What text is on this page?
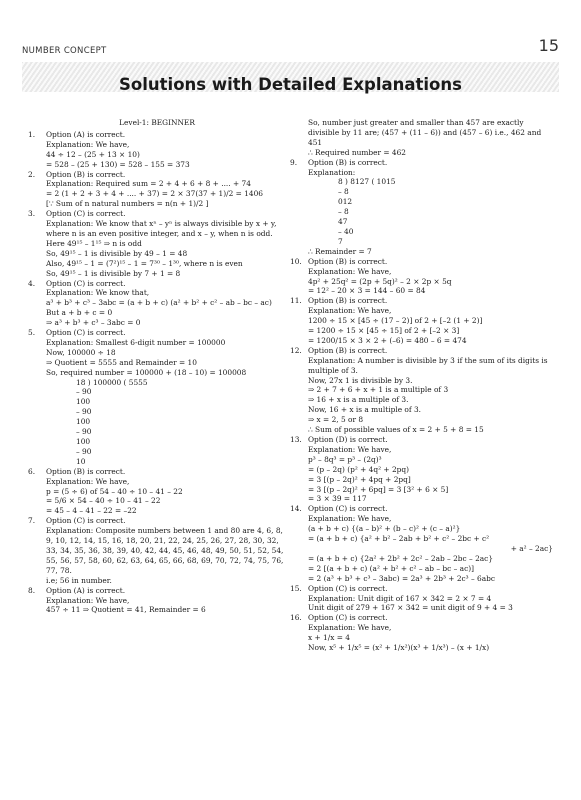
NUMBER CONCEPT	15
Solutions with Detailed Explanations
Level-1: BEGINNER
1. Option (A) is correct.
Explanation: We have,
44 ÷ 12 – (25 + 13 × 10)
= 528 – (25 + 130) = 528 – 155 = 373
2. Option (B) is correct.
Explanation: Required sum = 2 + 4 + 6 + 8 + .... + 74
= 2 (1 + 2 + 3 + 4 + .... + 37) = 2 × 37(37 + 1)/2 = 1406
[∵ Sum of n natural numbers = n(n + 1)/2 ]
3. Option (C) is correct.
Explanation: We know that xⁿ – yⁿ is always divisible by x + y, where n is an even positive integer, and x – y, when n is odd.
Here 49¹⁵ – 1¹⁵ ⇒ n is odd
So, 49¹⁵ – 1 is divisible by 49 – 1 = 48
Also, 49¹⁵ – 1 = (7²)¹⁵ – 1 = 7³⁰ – 1³⁰, where n is even
So, 49¹⁵ – 1 is divisible by 7 + 1 = 8
4. Option (C) is correct.
Explanation: We know that,
a³ + b³ + c³ – 3abc = (a + b + c) (a² + b² + c² – ab – bc – ac)
But a + b + c = 0
⇒ a³ + b³ + c³ – 3abc = 0
5. Option (C) is correct.
Explanation: Smallest 6-digit number = 100000
Now, 100000 ÷ 18
⇒ Quotient = 5555 and Remainder = 10
So, required number = 100000 + (18 – 10) = 100008
18 ) 100000 ( 5555
– 90
100
– 90
100
– 90
100
– 90
10
6. Option (B) is correct.
Explanation: We have,
p = (5 ÷ 6) of 54 – 40 ÷ 10 – 41 – 22
= 5/6 × 54 – 40 ÷ 10 – 41 – 22
= 45 – 4 – 41 – 22 = –22
7. Option (C) is correct.
Explanation: Composite numbers between 1 and 80 are 4, 6, 8, 9, 10, 12, 14, 15, 16, 18, 20, 21, 22, 24, 25, 26, 27, 28, 30, 32, 33, 34, 35, 36, 38, 39, 40, 42, 44, 45, 46, 48, 49, 50, 51, 52, 54, 55, 56, 57, 58, 60, 62, 63, 64, 65, 66, 68, 69, 70, 72, 74, 75, 76, 77, 78.
i.e; 56 in number.
8. Option (A) is correct.
Explanation: We have,
457 ÷ 11 ⇒ Quotient = 41, Remainder = 6
So, number just greater and smaller than 457 are exactly divisible by 11 are; (457 + (11 – 6)) and (457 – 6) i.e., 462 and 451
∴ Required number = 462
9. Option (B) is correct.
Explanation:
8 ) 8127 ( 1015
– 8
012
– 8
47
– 40
7
∴ Remainder = 7
10. Option (B) is correct.
Explanation: We have,
4p² + 25q² = (2p + 5q)² – 2 × 2p × 5q
= 12² – 20 × 3 = 144 – 60 = 84
11. Option (B) is correct.
Explanation: We have,
1200 ÷ 15 × [45 ÷ (17 – 2)] of 2 + [–2 (1 + 2)]
= 1200 ÷ 15 × [45 ÷ 15] of 2 + [–2 × 3]
= 1200/15 × 3 × 2 + (–6) = 480 – 6 = 474
12. Option (B) is correct.
Explanation: A number is divisible by 3 if the sum of its digits is multiple of 3.
Now, 27x 1 is divisible by 3.
⇒ 2 + 7 + 6 + x + 1 is a multiple of 3
⇒ 16 + x is a multiple of 3.
Now, 16 + x is a multiple of 3.
⇒ x = 2, 5 or 8
∴ Sum of possible values of x = 2 + 5 + 8 = 15
13. Option (D) is correct.
Explanation: We have,
p³ – 8q³ = p³ – (2q)³
= (p – 2q) (p² + 4q² + 2pq)
= 3 [(p – 2q)² + 4pq + 2pq]
= 3 [(p – 2q)² + 6pq] = 3 [3² + 6 × 5]
= 3 × 39 = 117
14. Option (C) is correct.
Explanation: We have,
(a + b + c) {(a – b)² + (b – c)² + (c – a)²}
= (a + b + c) {a² + b² – 2ab + b² + c² – 2bc + c²
+ a² – 2ac}
= (a + b + c) {2a² + 2b² + 2c² – 2ab – 2bc – 2ac}
= 2 [(a + b + c) (a² + b² + c² – ab – bc – ac)]
= 2 (a³ + b³ + c³ – 3abc) = 2a³ + 2b³ + 2c³ – 6abc
15. Option (C) is correct.
Explanation: Unit digit of 167 × 342 = 2 × 7 = 4
Unit digit of 279 + 167 × 342 = unit digit of 9 + 4 = 3
16. Option (C) is correct.
Explanation: We have,
x + 1/x = 4
Now, x⁵ + 1/x⁵ = (x² + 1/x²)(x³ + 1/x³) – (x + 1/x)
